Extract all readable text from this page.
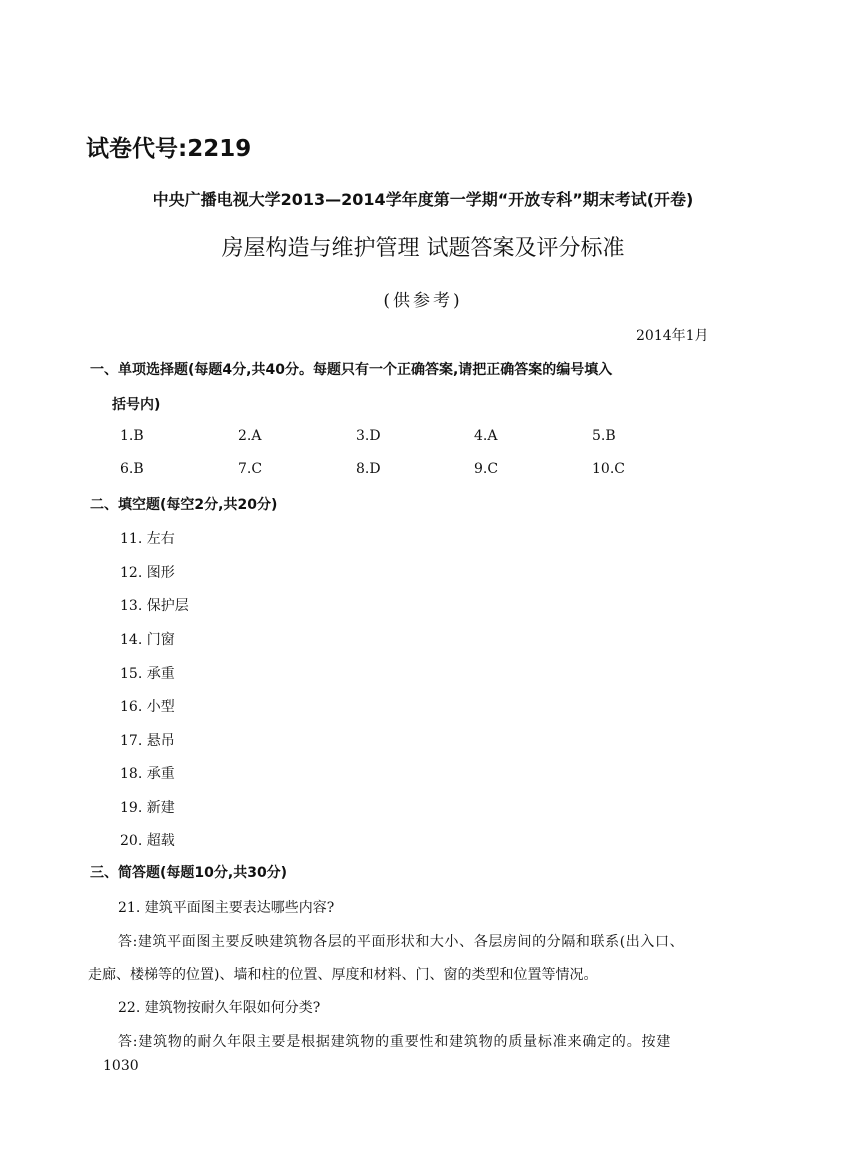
试卷代号:2219
中央广播电视大学2013—2014学年度第一学期“开放专科”期末考试(开卷)
房屋构造与维护管理 试题答案及评分标准
(供参考)
2014年1月
一、单项选择题(每题4分,共40分。每题只有一个正确答案,请把正确答案的编号填入
括号内)
1.B	2.A	3.D	4.A	5.B
6.B	7.C	8.D	9.C	10.C
二、填空题(每空2分,共20分)
11. 左右
12. 图形
13. 保护层
14. 门窗
15. 承重
16. 小型
17. 悬吊
18. 承重
19. 新建
20. 超载
三、简答题(每题10分,共30分)
21. 建筑平面图主要表达哪些内容?
答:建筑平面图主要反映建筑物各层的平面形状和大小、各层房间的分隔和联系(出入口、
走廊、楼梯等的位置)、墙和柱的位置、厚度和材料、门、窗的类型和位置等情况。
22. 建筑物按耐久年限如何分类?
答:建筑物的耐久年限主要是根据建筑物的重要性和建筑物的质量标准来确定的。按建
1030
